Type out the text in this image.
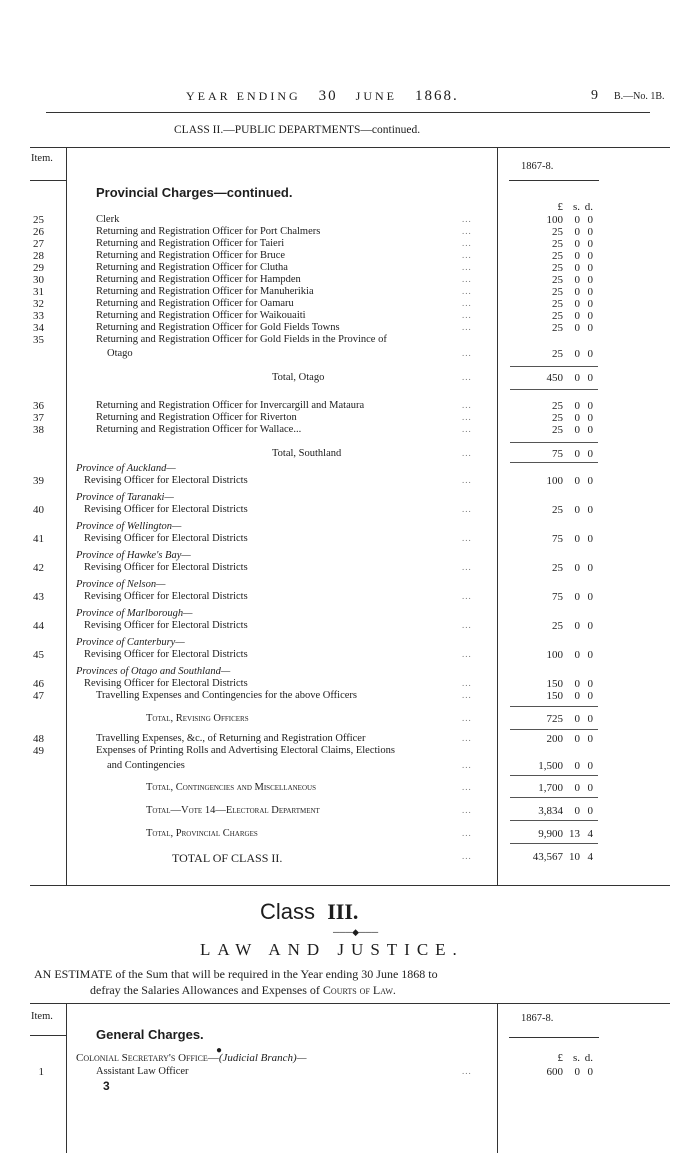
YEAR ENDING 30 JUNE 1868.	9 B.—No. 1B.
CLASS II.—PUBLIC DEPARTMENTS—continued.
Item.
1867-8.
Provincial Charges—continued.
£ s. d.
25	Clerk	...	100	0 0
26	Returning and Registration Officer for Port Chalmers	...	25	0 0
27	Returning and Registration Officer for Taieri	...	25	0 0
28	Returning and Registration Officer for Bruce	...	25	0 0
29	Returning and Registration Officer for Clutha	...	25	0 0
30	Returning and Registration Officer for Hampden	...	25	0 0
31	Returning and Registration Officer for Manuherikia	...	25	0 0
32	Returning and Registration Officer for Oamaru	...	25	0 0
33	Returning and Registration Officer for Waikouaiti	...	25	0 0
34	Returning and Registration Officer for Gold Fields Towns	...	25	0 0
35	Returning and Registration Officer for Gold Fields in the Province of
Otago	...	25	0 0
Total, Otago	...	450	0 0
36	Returning and Registration Officer for Invercargill and Mataura	...	25	0 0
37	Returning and Registration Officer for Riverton	...	25	0 0
38	Returning and Registration Officer for Wallace...	...	25	0 0
Total, Southland	...	75	0 0
Province of Auckland—
39	Revising Officer for Electoral Districts	...	100	0 0
Province of Taranaki—
40	Revising Officer for Electoral Districts	...	25	0 0
Province of Wellington—
41	Revising Officer for Electoral Districts	...	75	0 0
Province of Hawke's Bay—
42	Revising Officer for Electoral Districts	...	25	0 0
Province of Nelson—
43	Revising Officer for Electoral Districts	...	75	0 0
Province of Marlborough—
44	Revising Officer for Electoral Districts	...	25	0 0
Province of Canterbury—
45	Revising Officer for Electoral Districts	...	100	0 0
Provinces of Otago and Southland—
46	Revising Officer for Electoral Districts	...	150	0 0
47	Travelling Expenses and Contingencies for the above Officers	...	150	0 0
Total, Revising Officers	...	725	0 0
48	Travelling Expenses, &c., of Returning and Registration Officer	...	200	0 0
49	Expenses of Printing Rolls and Advertising Electoral Claims, Elections
and Contingencies	...	1,500	0 0
Total, Contingencies and Miscellaneous	...	1,700	0 0
Total—Vote 14—Electoral Department	...	3,834	0 0
Total, Provincial Charges	...	9,900 13 4
TOTAL OF CLASS II.	...	43,567 10 4
Class III.
───◆───
LAW AND JUSTICE.
AN ESTIMATE of the Sum that will be required in the Year ending 30 June 1868 to
defray the Salaries Allowances and Expenses of Courts of Law.
Item.	1867-8.
General Charges.
●
Colonial Secretary's Office—(Judicial Branch)—	£ s. d.
1	Assistant Law Officer	...	600	0 0
3
